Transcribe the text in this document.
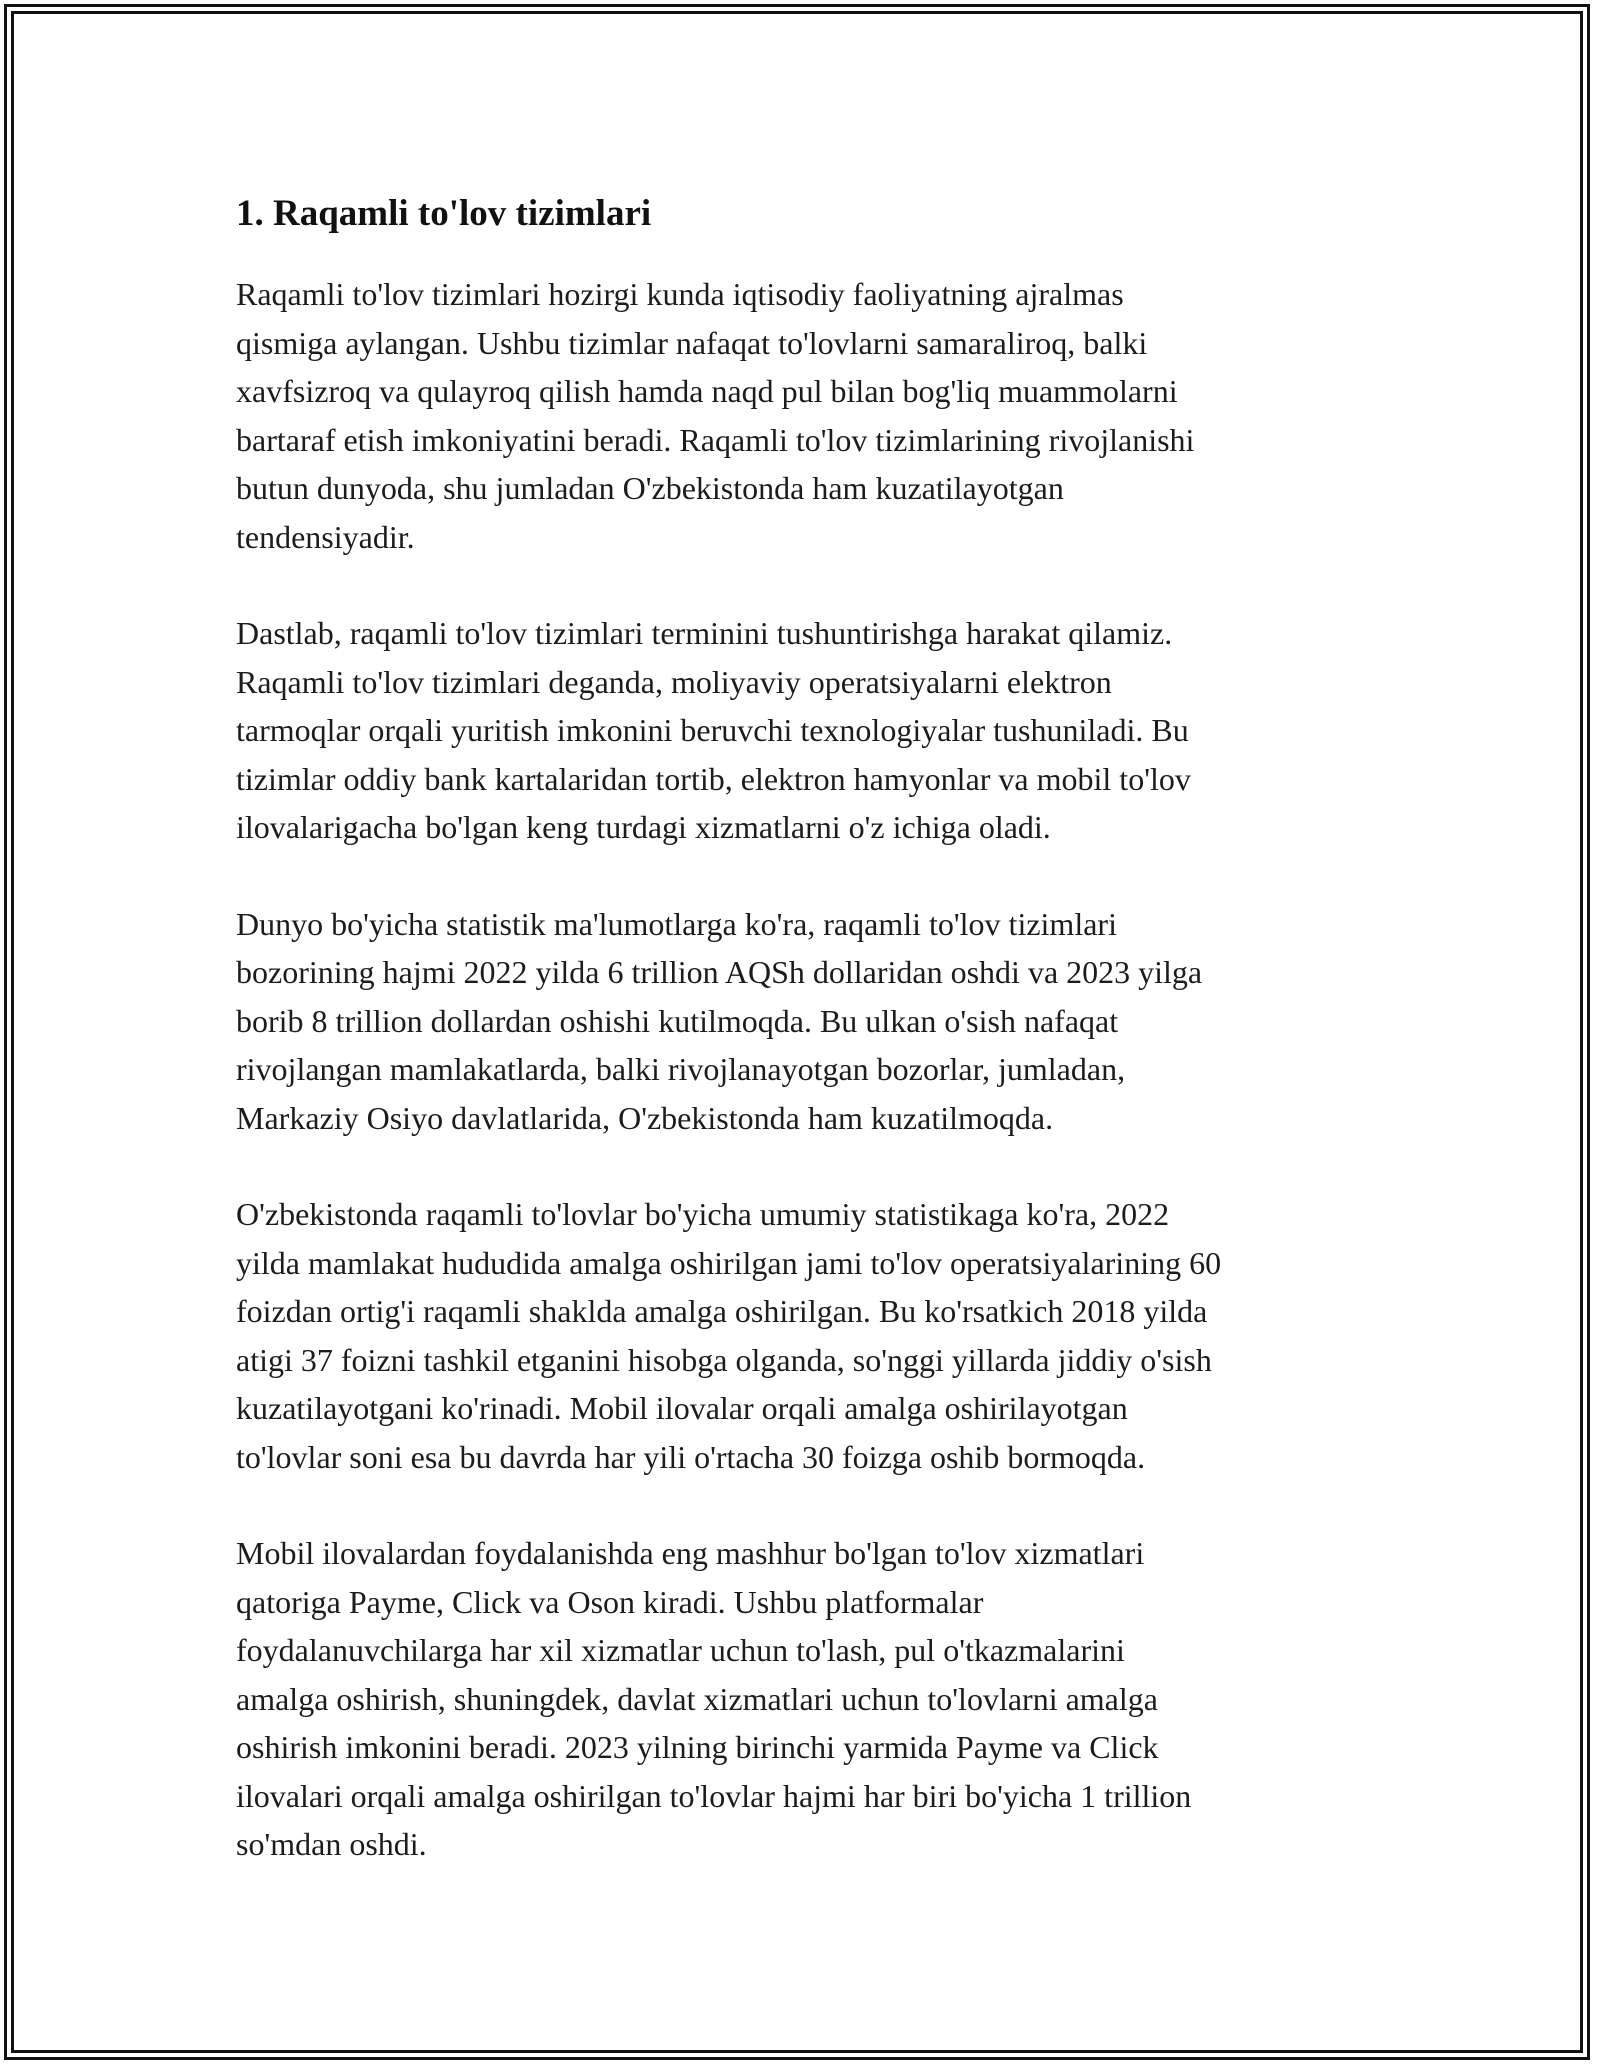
1. Raqamli to'lov tizimlari

Raqamli to'lov tizimlari hozirgi kunda iqtisodiy faoliyatning ajralmas
qismiga aylangan. Ushbu tizimlar nafaqat to'lovlarni samaraliroq, balki
xavfsizroq va qulayroq qilish hamda naqd pul bilan bog'liq muammolarni
bartaraf etish imkoniyatini beradi. Raqamli to'lov tizimlarining rivojlanishi
butun dunyoda, shu jumladan O'zbekistonda ham kuzatilayotgan
tendensiyadir.

Dastlab, raqamli to'lov tizimlari terminini tushuntirishga harakat qilamiz.
Raqamli to'lov tizimlari deganda, moliyaviy operatsiyalarni elektron
tarmoqlar orqali yuritish imkonini beruvchi texnologiyalar tushuniladi. Bu
tizimlar oddiy bank kartalaridan tortib, elektron hamyonlar va mobil to'lov
ilovalarigacha bo'lgan keng turdagi xizmatlarni o'z ichiga oladi.

Dunyo bo'yicha statistik ma'lumotlarga ko'ra, raqamli to'lov tizimlari
bozorining hajmi 2022 yilda 6 trillion AQSh dollaridan oshdi va 2023 yilga
borib 8 trillion dollardan oshishi kutilmoqda. Bu ulkan o'sish nafaqat
rivojlangan mamlakatlarda, balki rivojlanayotgan bozorlar, jumladan,
Markaziy Osiyo davlatlarida, O'zbekistonda ham kuzatilmoqda.

O'zbekistonda raqamli to'lovlar bo'yicha umumiy statistikaga ko'ra, 2022
yilda mamlakat hududida amalga oshirilgan jami to'lov operatsiyalarining 60
foizdan ortig'i raqamli shaklda amalga oshirilgan. Bu ko'rsatkich 2018 yilda
atigi 37 foizni tashkil etganini hisobga olganda, so'nggi yillarda jiddiy o'sish
kuzatilayotgani ko'rinadi. Mobil ilovalar orqali amalga oshirilayotgan
to'lovlar soni esa bu davrda har yili o'rtacha 30 foizga oshib bormoqda.

Mobil ilovalardan foydalanishda eng mashhur bo'lgan to'lov xizmatlari
qatoriga Payme, Click va Oson kiradi. Ushbu platformalar
foydalanuvchilarga har xil xizmatlar uchun to'lash, pul o'tkazmalarini
amalga oshirish, shuningdek, davlat xizmatlari uchun to'lovlarni amalga
oshirish imkonini beradi. 2023 yilning birinchi yarmida Payme va Click
ilovalari orqali amalga oshirilgan to'lovlar hajmi har biri bo'yicha 1 trillion
so'mdan oshdi.
